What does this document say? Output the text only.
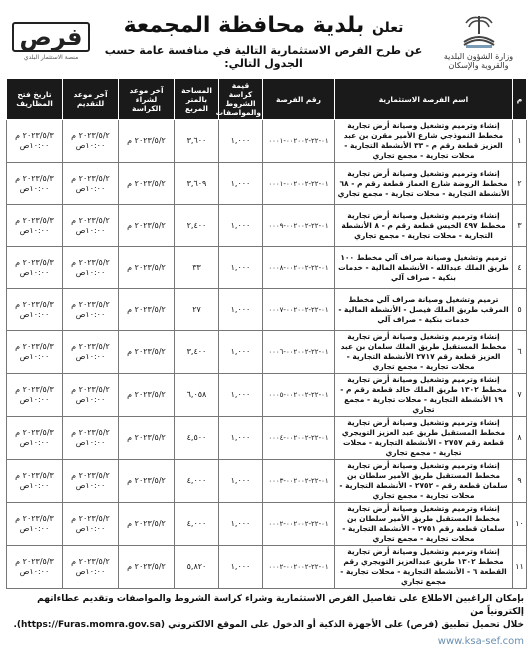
وزارة الشؤون البلدية والقروية والإسكان
تعلن بلدية محافظة المجمعة
عن طرح الفرص الاستثمارية التالية في منافسة عامة حسب الجدول التالي:
فرص
منصة الاستثمار البلدي
م	اسم الفرصة الاستثمارية	رقم الفرصة	قيمة كراسة الشروط والمواصفات	المساحة بالمتر المربع	آخر موعد لشراء الكراسة	آخر موعد للتقديم	تاريخ فتح المظاريف
١	إنشاء وترميم وتشغيل وصيانة أرض تجارية مخطط النموذجي شارع الأمير مقرن بن عبد العزيز قطعة رقم م - ٣٣ الأنشطة التجارية - محلات تجارية - مجمع تجاري	٠١-٢٢-٠٠٢٠٠٢-٠٠٠١	١,٠٠٠	٣,٦٠٠	٢٠٢٣/٥/٢ م	٢٠٢٣/٥/٢ م ١٠:٠٠ص	٢٠٢٣/٥/٣ م ١٠:٠٠ص
٢	إنشاء وترميم وتشغيل وصيانة أرض تجارية مخطط الروضة شارع العماز قطعة رقم م - ٦٨ الأنشطة التجارية - محلات تجارية - مجمع تجاري	٠١-٢٢-٠٠٢٠٠٢-٠٠٠١	١,٠٠٠	٣,٦٠٩	٢٠٢٣/٥/٢ م	٢٠٢٣/٥/٢ م ١٠:٠٠ص	٢٠٢٣/٥/٣ م ١٠:٠٠ص
٣	إنشاء وترميم وتشغيل وصيانة أرض تجارية مخطط ٤٩٧ الخيس قطعة رقم م - ٨ الأنشطة التجارية - محلات تجارية - مجمع تجاري	٠١-٢٢-٠٠٢٠٠٢-٠٠٠٩	١,٠٠٠	٢,٤٠٠	٢٠٢٣/٥/٢ م	٢٠٢٣/٥/٢ م ١٠:٠٠ص	٢٠٢٣/٥/٣ م ١٠:٠٠ص
٤	ترميم وتشغيل وصيانة صراف آلي مخطط ١٠٠ طريق الملك عبدالله - الأنشطة المالية - خدمات بنكية - صراف آلي	٠١-٢٢-٠٠٢٠٠٢-٠٠٠٨	١,٠٠٠	٣٣	٢٠٢٣/٥/٢ م	٢٠٢٣/٥/٢ م ١٠:٠٠ص	٢٠٢٣/٥/٣ م ١٠:٠٠ص
٥	ترميم وتشغيل وصيانة صراف آلي مخطط المرقب طريق الملك فيصل - الأنشطة المالية - خدمات بنكية - صراف آلي	٠١-٢٢-٠٠٢٠٠٢-٠٠٠٧	١,٠٠٠	٢٧	٢٠٢٣/٥/٢ م	٢٠٢٣/٥/٢ م ١٠:٠٠ص	٢٠٢٣/٥/٣ م ١٠:٠٠ص
٦	إنشاء وترميم وتشغيل وصيانة أرض تجارية مخطط المستقبل طريق الملك سلمان بن عبد العزيز قطعة رقم ٢٧١٧ الأنشطة التجارية - محلات تجارية - مجمع تجاري	٠١-٢٢-٠٠٢٠٠٢-٠٠٠٦	١,٠٠٠	٣,٤٠٠	٢٠٢٣/٥/٢ م	٢٠٢٣/٥/٢ م ١٠:٠٠ص	٢٠٢٣/٥/٣ م ١٠:٠٠ص
٧	إنشاء وترميم وتشغيل وصيانة أرض تجارية مخطط ١٣٠٢ طريق الملك خالد قطعة رقم م - ١٩ الأنشطة التجارية - محلات تجارية - مجمع تجاري	٠١-٢٢-٠٠٢٠٠٢-٠٠٠٥	١,٠٠٠	٦,٠٥٨	٢٠٢٣/٥/٢ م	٢٠٢٣/٥/٢ م ١٠:٠٠ص	٢٠٢٣/٥/٣ م ١٠:٠٠ص
٨	إنشاء وترميم وتشغيل وصيانة أرض تجارية مخطط المستقبل طريق عبد العزيز التويجري قطعة رقم ٢٧٥٧ - الأنشطة التجارية - محلات تجارية - مجمع تجاري	٠١-٢٢-٠٠٢٠٠٢-٠٠٠٤	١,٠٠٠	٤,٥٠٠	٢٠٢٣/٥/٢ م	٢٠٢٣/٥/٢ م ١٠:٠٠ص	٢٠٢٣/٥/٣ م ١٠:٠٠ص
٩	إنشاء وترميم وتشغيل وصيانة أرض تجارية مخطط المستقبل طريق الأمير سلطان بن سلمان قطعة رقم - ٢٧٥٢ - الأنشطة التجارية - محلات تجارية - مجمع تجاري	٠١-٢٢-٠٠٢٠٠٢-٠٠٠٣	١,٠٠٠	٤,٠٠٠	٢٠٢٣/٥/٢ م	٢٠٢٣/٥/٢ م ١٠:٠٠ص	٢٠٢٣/٥/٣ م ١٠:٠٠ص
١٠	إنشاء وترميم وتشغيل وصيانة أرض تجارية مخطط المستقبل طريق الأمير سلطان بن سلمان قطعة رقم ٢٧٥١ - الأنشطة التجارية - محلات تجارية - مجمع تجاري	٠١-٢٢-٠٠٢٠٠٢-٠٠٠٢	١,٠٠٠	٤,٠٠٠	٢٠٢٣/٥/٢ م	٢٠٢٣/٥/٢ م ١٠:٠٠ص	٢٠٢٣/٥/٣ م ١٠:٠٠ص
١١	إنشاء وترميم وتشغيل وصيانة أرض تجارية مخطط ١٣٠٢ طريق عبدالعزيز التويجري رقم القطعة ٦ - الأنشطة التجارية - محلات تجارية - مجمع تجاري	٠١-٢٢-٠٠٢٠٠٢-٠٠٠٢	١,٠٠٠	٥,٨٢٠	٢٠٢٣/٥/٢ م	٢٠٢٣/٥/٢ م ١٠:٠٠ص	٢٠٢٣/٥/٣ م ١٠:٠٠ص
بإمكان الراغبين الاطلاع على تفاصيل الفرص الاستثمارية وشراء كراسة الشروط والمواصفات وتقديم عطاءاتهم إلكترونياً من
خلال تحميل تطبيق (فرص) على الأجهزة الذكية أو الدخول على الموقع الالكتروني (https://Furas.momra.gov.sa).
www.ksa-sef.com
